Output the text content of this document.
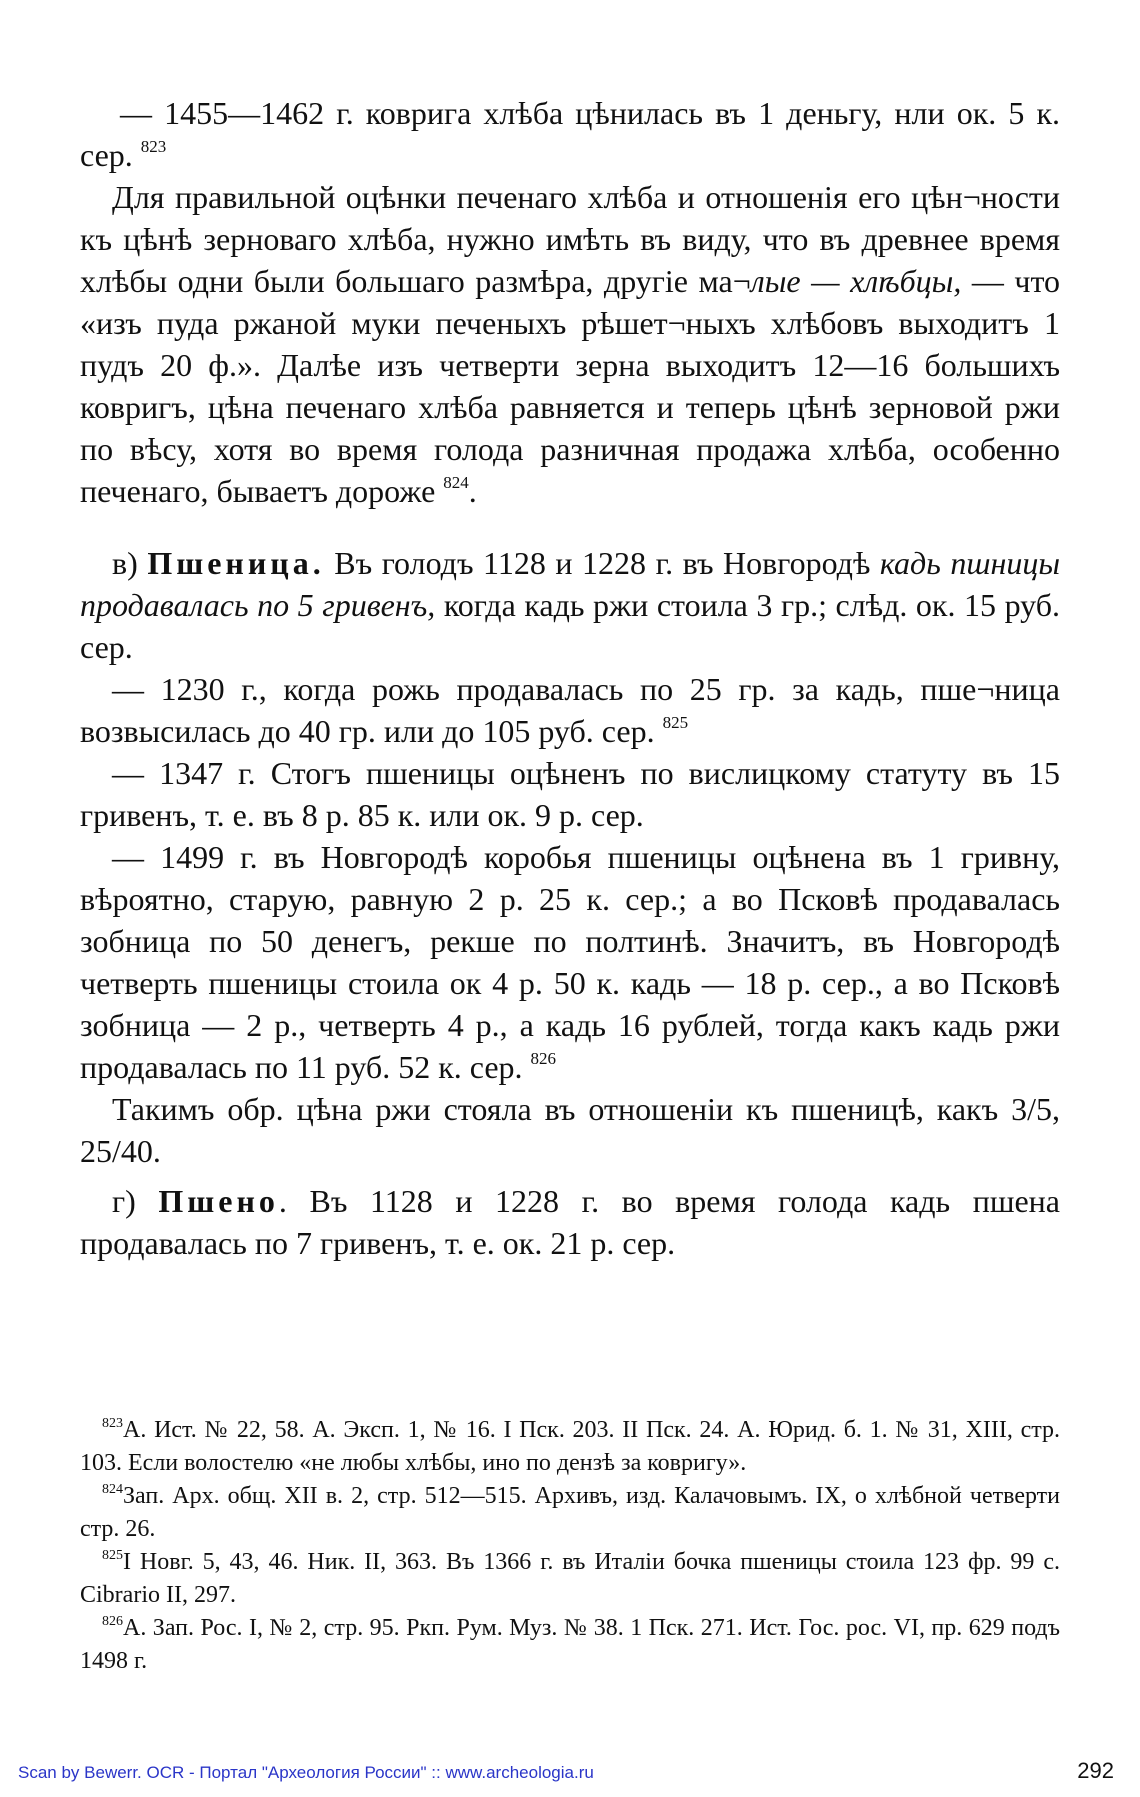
— 1455—1462 г. коврига хлѣба цѣнилась въ 1 деньгу, нли ок. 5 к. сер. $^{823}$

Для правильной оцѣнки печенаго хлѣба и отношенія его цѣн¬ности къ цѣнѣ зерноваго хлѣба, нужно имѣть въ виду, что въ древнее время хлѣбы одни были большаго размѣра, другіе ма¬лые — хлѣбцы, — что «изъ пуда ржаной муки печеныхъ рѣшет¬ныхъ хлѣбовъ выходитъ 1 пудъ 20 ф.». Далѣе изъ четверти зерна выходитъ 12—16 большихъ ковригъ, цѣна печенаго хлѣба равняется и теперь цѣнѣ зерновой ржи по вѣсу, хотя во время голода разничная продажа хлѣба, особенно печенаго, бываетъ дороже $^{824}$.

в) Пшеница. Въ голодъ 1128 и 1228 г. въ Новгородѣ кадь пшницы продавалась по 5 гривенъ, когда кадь ржи стоила 3 гр.; слѣд. ок. 15 руб. сер.

— 1230 г., когда рожь продавалась по 25 гр. за кадь, пше¬ница возвысилась до 40 гр. или до 105 руб. сер. $^{825}$

— 1347 г. Стогъ пшеницы оцѣненъ по вислицкому статуту въ 15 гривенъ, т. е. въ 8 р. 85 к. или ок. 9 р. сер.

— 1499 г. въ Новгородѣ коробья пшеницы оцѣнена въ 1 гривну, вѣроятно, старую, равную 2 р. 25 к. сер.; а во Псковѣ продавалась зобница по 50 денегъ, рекше по полтинѣ. Значитъ, въ Новгородѣ четверть пшеницы стоила ок 4 р. 50 к. кадь — 18 р. сер., а во Псковѣ зобница — 2 р., четверть 4 р., а кадь 16 рублей, тогда какъ кадь ржи продавалась по 11 руб. 52 к. сер. $^{826}$

Такимъ обр. цѣна ржи стояла въ отношеніи къ пшеницѣ, какъ 3/5, 25/40.

г) Пшено. Въ 1128 и 1228 г. во время голода кадь пшена продавалась по 7 гривенъ, т. е. ок. 21 р. сер.

$^{823}$А. Ист. № 22, 58. А. Эксп. 1, № 16. I Пск. 203. II Пск. 24. А. Юрид. б. 1. № 31, XIII, стр. 103. Если волостелю «не любы хлѣбы, ино по дензѣ за ковригу».

$^{824}$Зап. Арх. общ. XII в. 2, стр. 512—515. Архивъ, изд. Калачовымъ. IX, о хлѣбной четверти стр. 26.

$^{825}$I Новг. 5, 43, 46. Ник. II, 363. Въ 1366 г. въ Италіи бочка пшеницы стоила 123 фр. 99 с. Cibrario II, 297.

$^{826}$А. Зап. Рос. I, № 2, стр. 95. Ркп. Рум. Муз. № 38. 1 Пск. 271. Ист. Гос. рос. VI, пр. 629 подъ 1498 г.

Scan by Bewerr. OCR - Портал "Археология России" :: www.archeologia.ru	292
